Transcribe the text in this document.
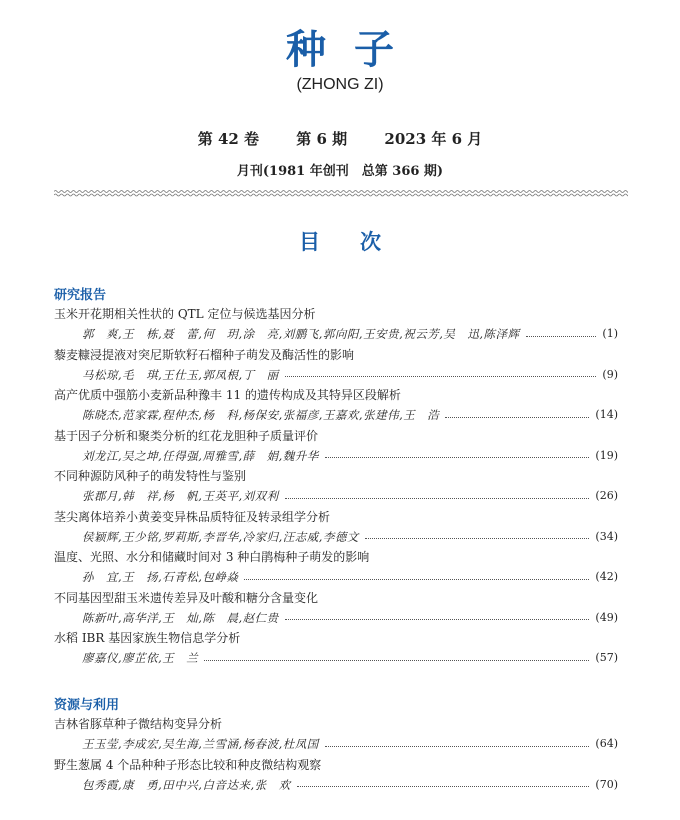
种子
(ZHONG ZI)
第 42 卷 第 6 期 2023 年 6 月
月刊(1981 年创刊　总第 366 期)
目次
研究报告
玉米开花期相关性状的 QTL 定位与候选基因分析
郭　爽,王　栋,聂　蕾,何　玥,涂　亮,刘鹏飞,郭向阳,王安贵,祝云芳,吴　迅,陈泽辉	(1)
藜麦糠浸提液对突尼斯软籽石榴种子萌发及酶活性的影响
马松琼,毛　琪,王仕玉,郭凤根,丁　丽	(9)
高产优质中强筋小麦新品种豫丰 11 的遗传构成及其特异区段解析
陈晓杰,范家霖,程仲杰,杨　科,杨保安,张福彦,王嘉欢,张建伟,王　浩	(14)
基于因子分析和聚类分析的红花龙胆种子质量评价
刘龙江,吴之坤,任得强,周雅雪,薛　娟,魏升华	(19)
不同种源防风种子的萌发特性与鉴别
张郡月,韩　祥,杨　帆,王英平,刘双利	(26)
茎尖离体培养小黄姜变异株品质特征及转录组学分析
侯颖辉,王少铭,罗莉斯,李晋华,冷家归,汪志威,李德文	(34)
温度、光照、水分和储藏时间对 3 种白鹃梅种子萌发的影响
孙　宜,王　扬,石青松,包峥焱	(42)
不同基因型甜玉米遗传差异及叶酸和糖分含量变化
陈新叶,高华洋,王　灿,陈　晨,赵仁贵	(49)
水稻 IBR 基因家族生物信息学分析
廖嘉仪,廖芷依,王　兰	(57)
资源与利用
吉林省豚草种子微结构变异分析
王玉莹,李成宏,吴生海,兰雪涵,杨春波,杜凤国	(64)
野生葱属 4 个品种种子形态比较和种皮微结构观察
包秀霞,康　勇,田中兴,白音达来,张　欢	(70)
